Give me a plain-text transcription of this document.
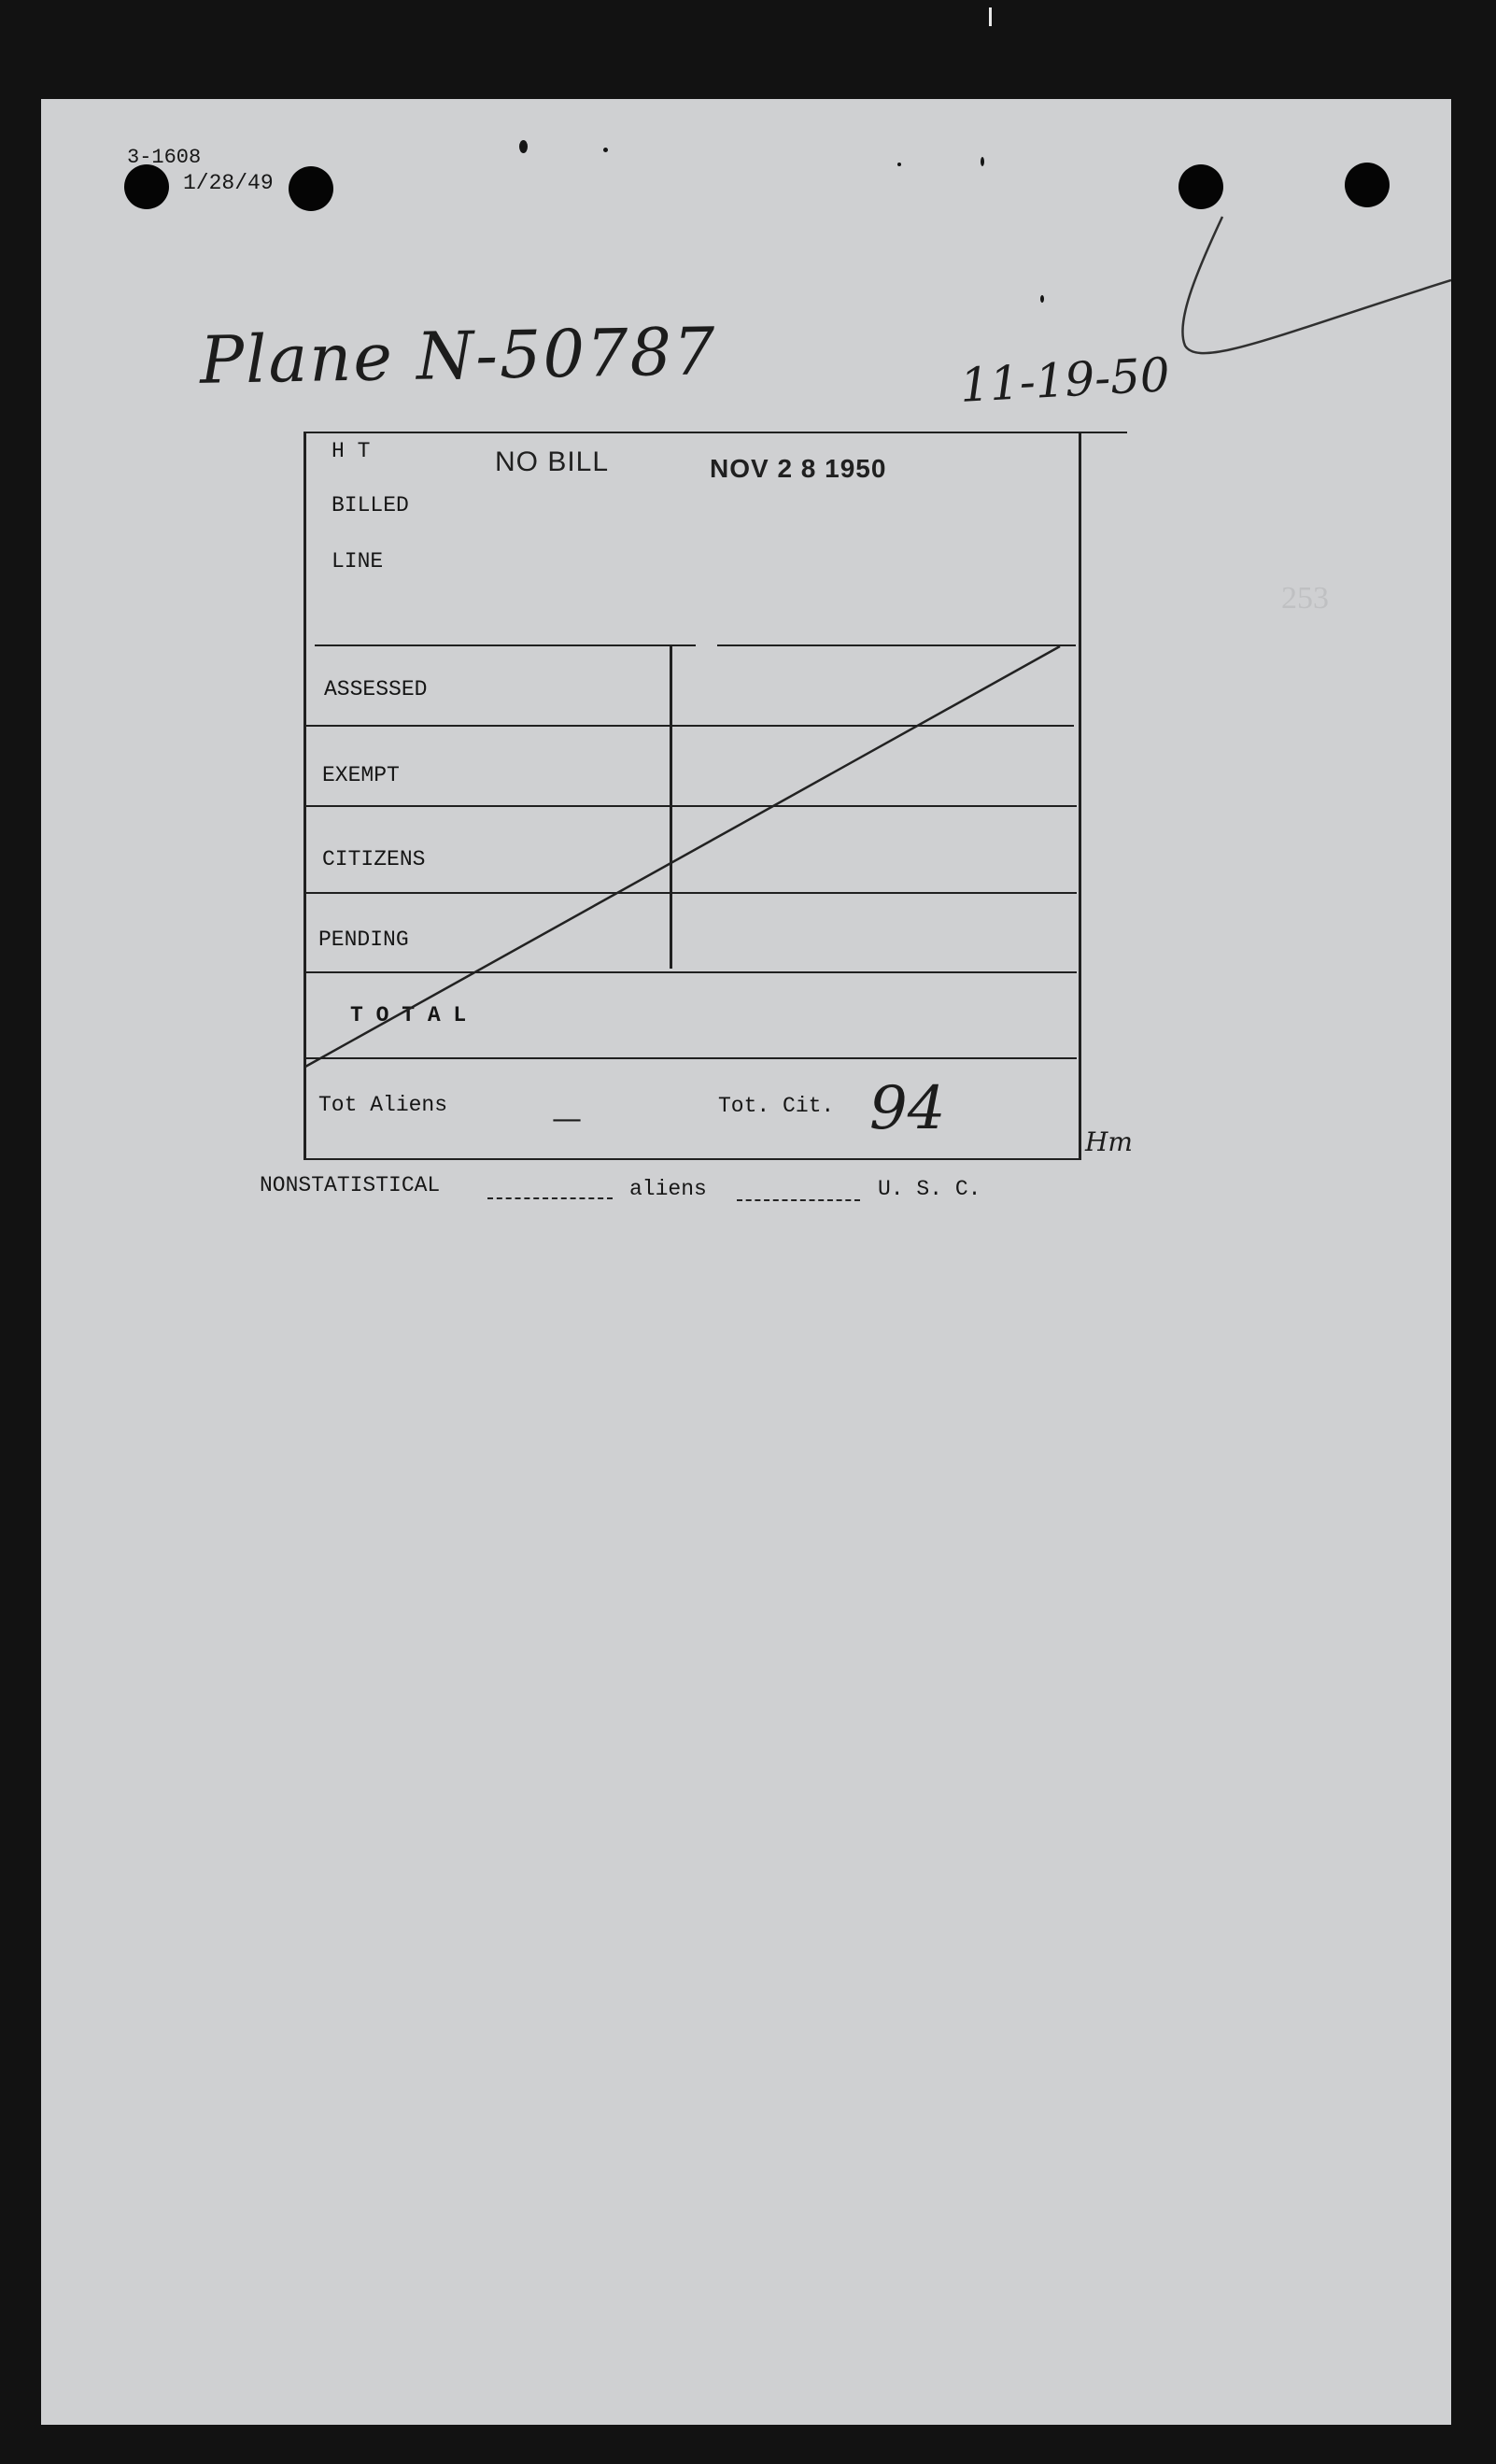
3-1608
1/28/49
Plane N-50787	11-19-50
253
H T
BILLED
LINE
NO BILL	NOV 2 8 1950
ASSESSED
EXEMPT
CITIZENS
PENDING
T O T A L
Tot Aliens	—	Tot. Cit. 94	Hm
NONSTATISTICAL	aliens	U. S. C.
